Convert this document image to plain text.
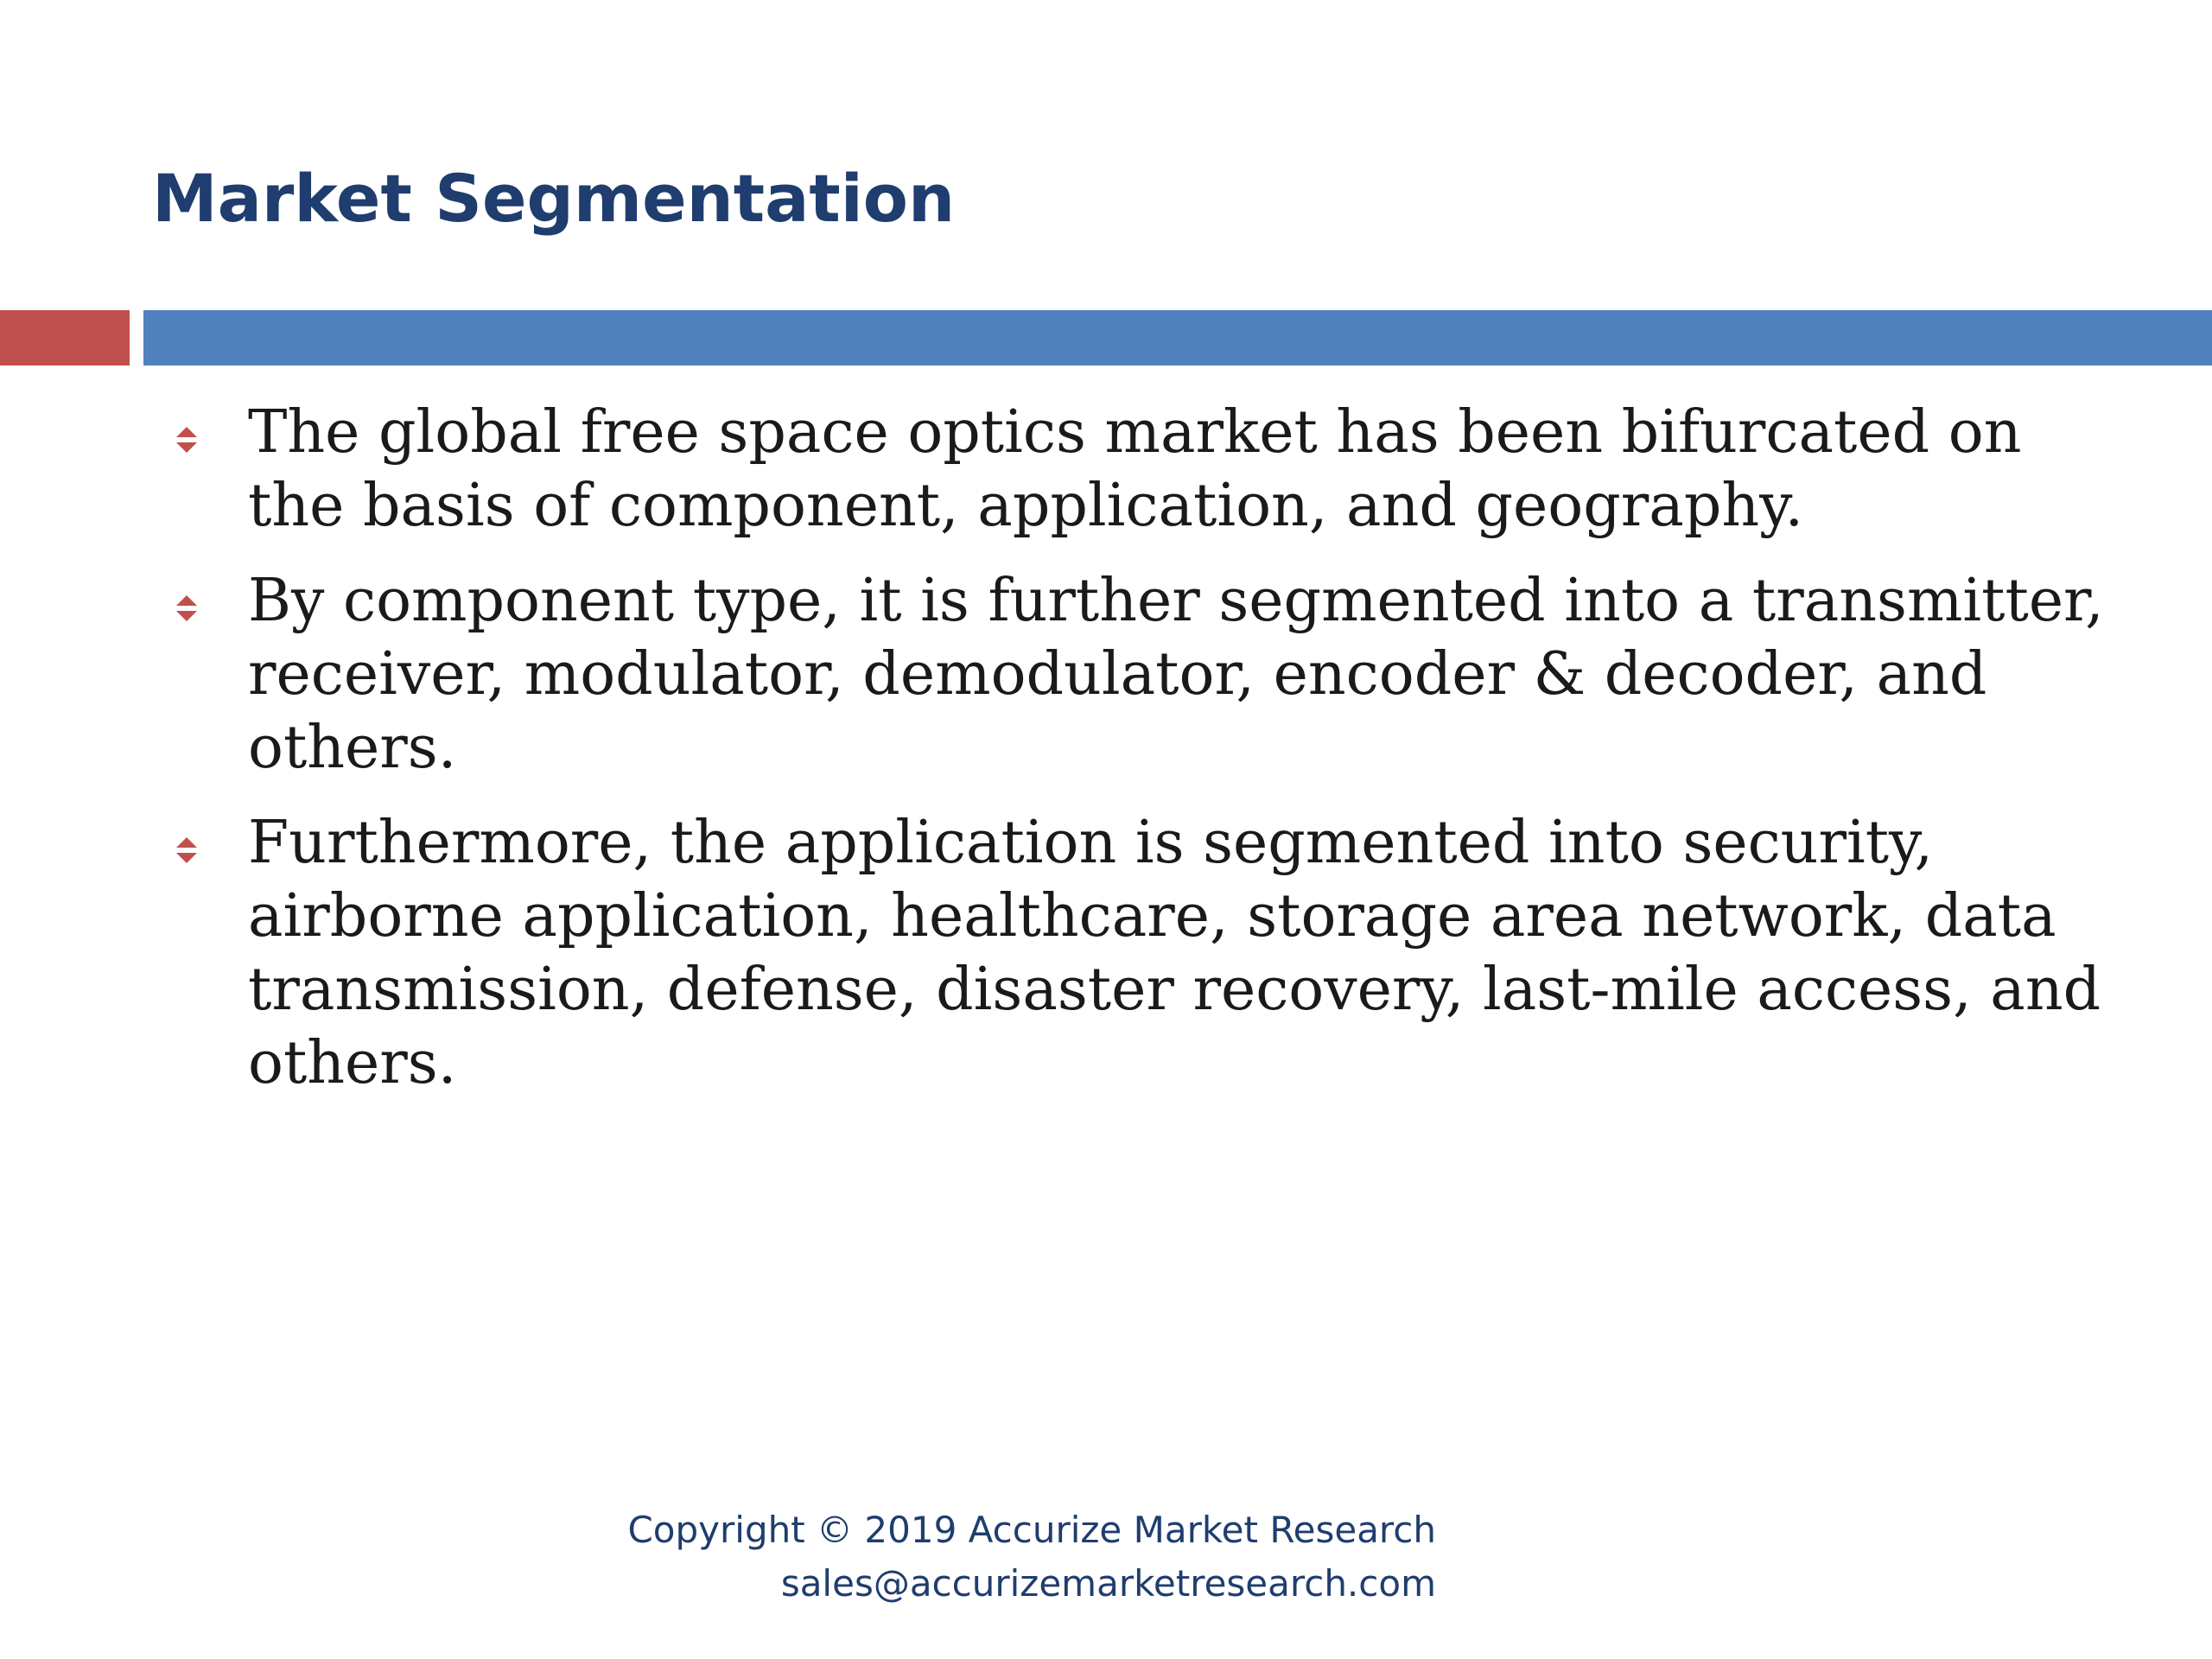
Market Segmentation
The global free space optics market has been bifurcated on the basis of component, application, and geography.
By component type, it is further segmented into a transmitter, receiver, modulator, demodulator, encoder & decoder, and others.
Furthermore, the application is segmented into security, airborne application, healthcare, storage area network, data transmission, defense, disaster recovery, last-mile access, and others.
Copyright © 2019 Accurize Market Research
sales@accurizemarketresearch.com
